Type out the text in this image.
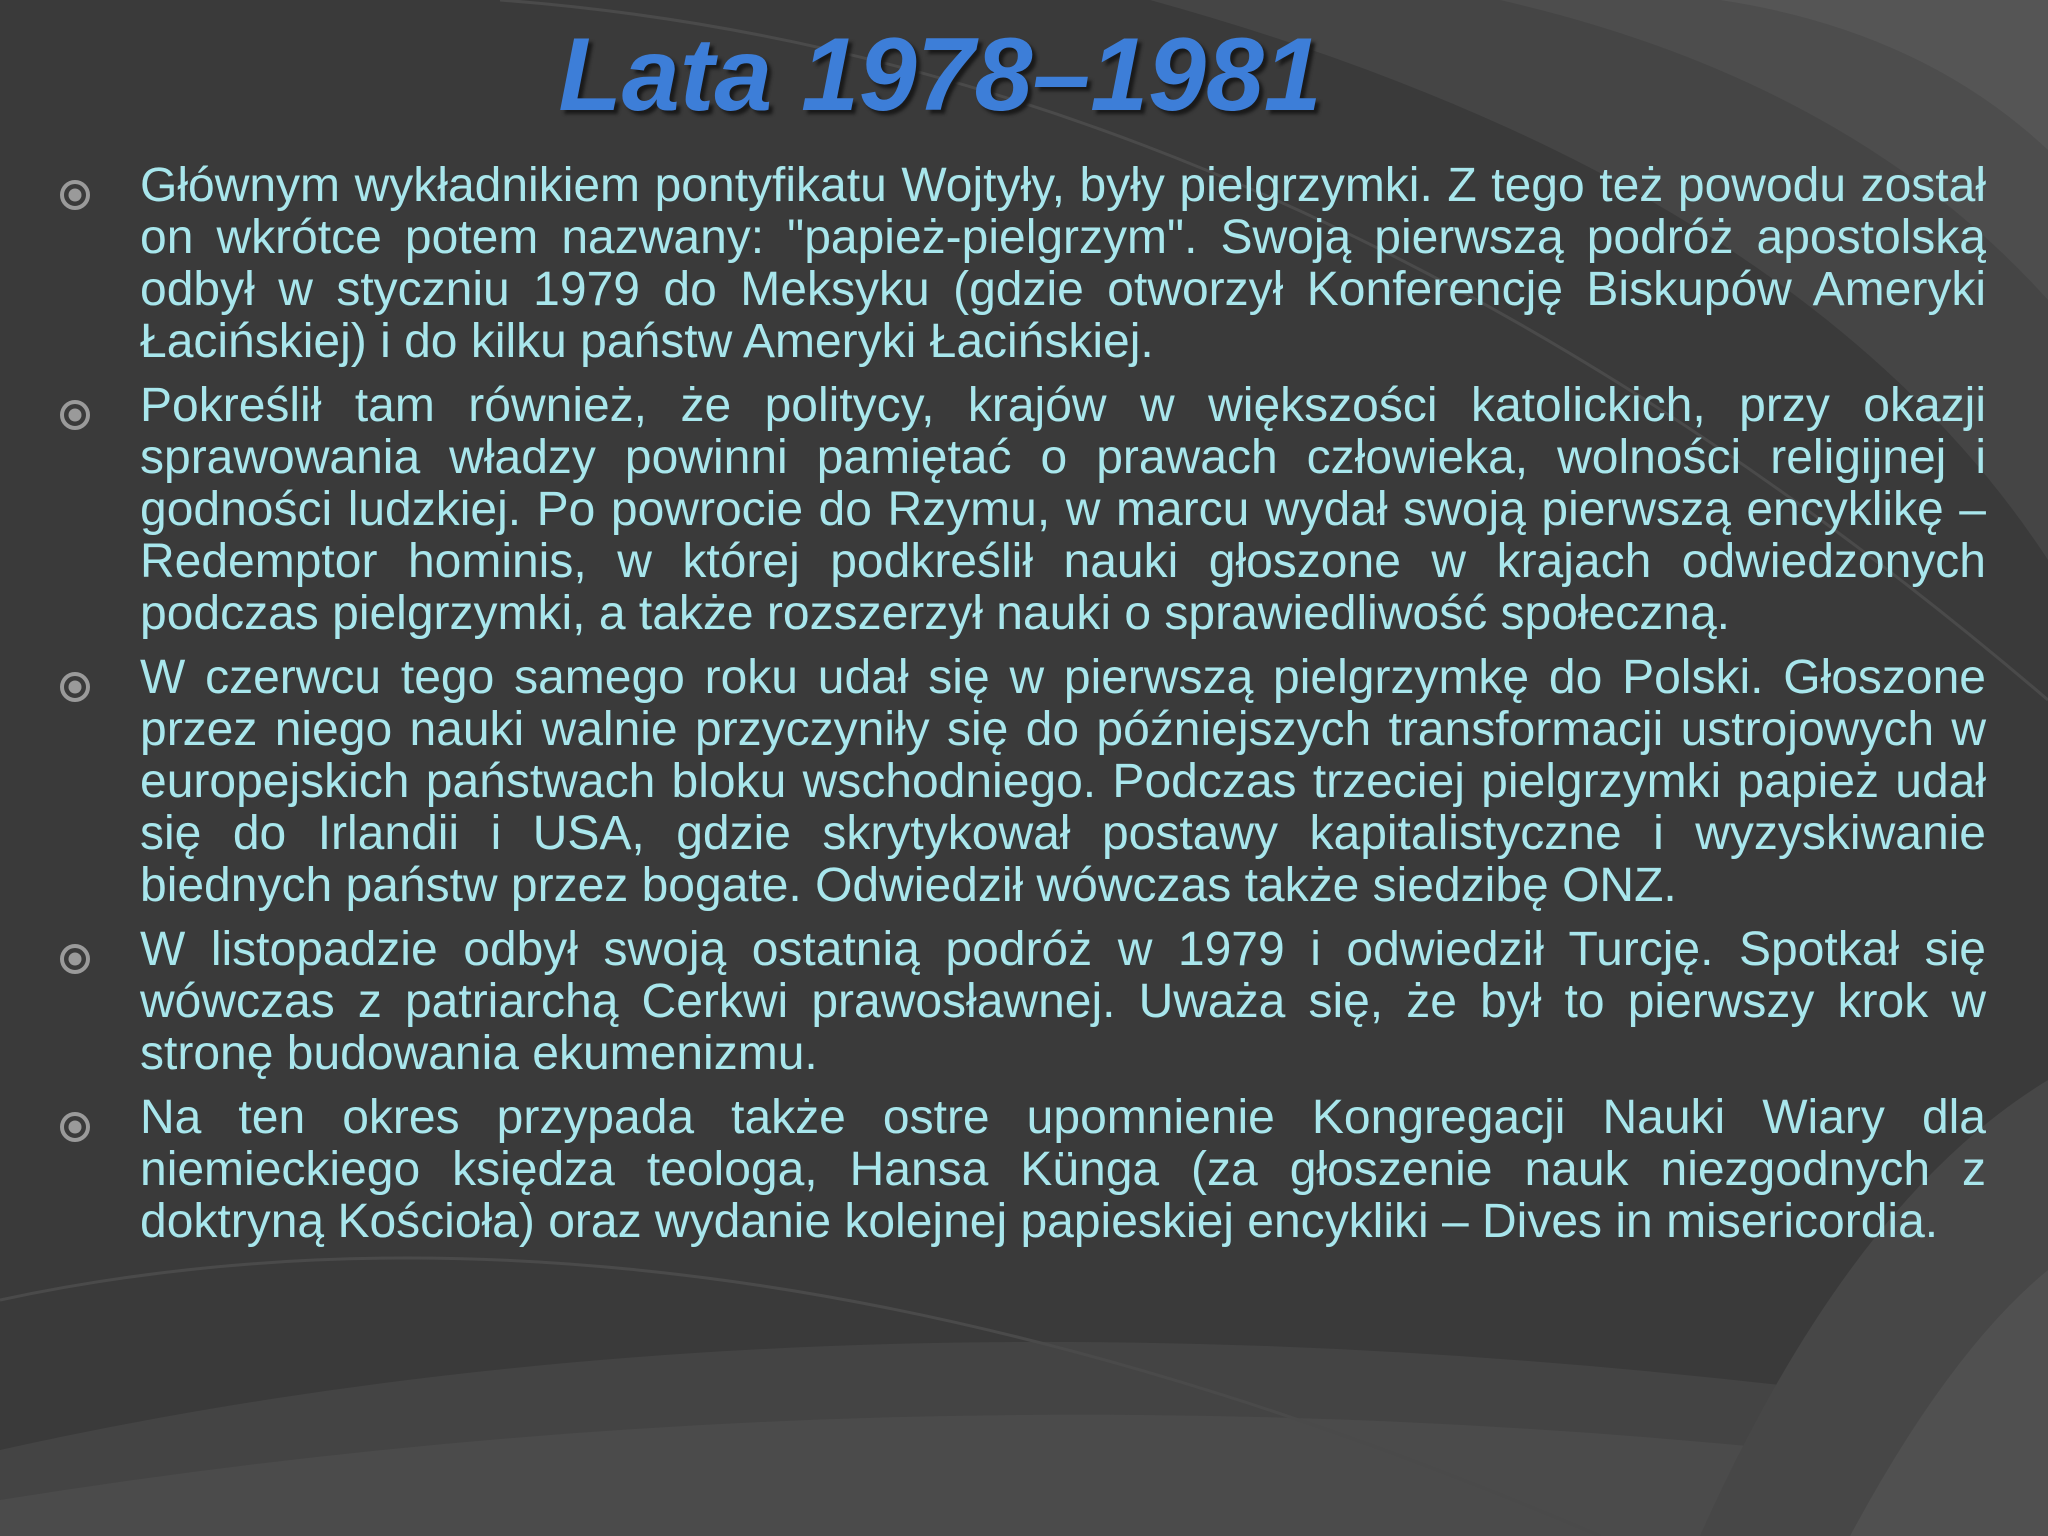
Lata 1978–1981

Głównym wykładnikiem pontyfikatu Wojtyły, były pielgrzymki. Z tego też powodu został on wkrótce potem nazwany: "papież-pielgrzym". Swoją pierwszą podróż apostolską odbył w styczniu 1979 do Meksyku (gdzie otworzył Konferencję Biskupów Ameryki Łacińskiej) i do kilku państw Ameryki Łacińskiej.

Pokreślił tam również, że politycy, krajów w większości katolickich, przy okazji sprawowania władzy powinni pamiętać o prawach człowieka, wolności religijnej i godności ludzkiej. Po powrocie do Rzymu, w marcu wydał swoją pierwszą encyklikę – Redemptor hominis, w której podkreślił nauki głoszone w krajach odwiedzonych podczas pielgrzymki, a także rozszerzył nauki o sprawiedliwość społeczną.

W czerwcu tego samego roku udał się w pierwszą pielgrzymkę do Polski. Głoszone przez niego nauki walnie przyczyniły się do późniejszych transformacji ustrojowych w europejskich państwach bloku wschodniego. Podczas trzeciej pielgrzymki papież udał się do Irlandii i USA, gdzie skrytykował postawy kapitalistyczne i wyzyskiwanie biednych państw przez bogate. Odwiedził wówczas także siedzibę ONZ.

W listopadzie odbył swoją ostatnią podróż w 1979 i odwiedził Turcję. Spotkał się wówczas z patriarchą Cerkwi prawosławnej. Uważa się, że był to pierwszy krok w stronę budowania ekumenizmu.

Na ten okres przypada także ostre upomnienie Kongregacji Nauki Wiary dla niemieckiego księdza teologa, Hansa Künga (za głoszenie nauk niezgodnych z doktryną Kościoła) oraz wydanie kolejnej papieskiej encykliki – Dives in misericordia.
